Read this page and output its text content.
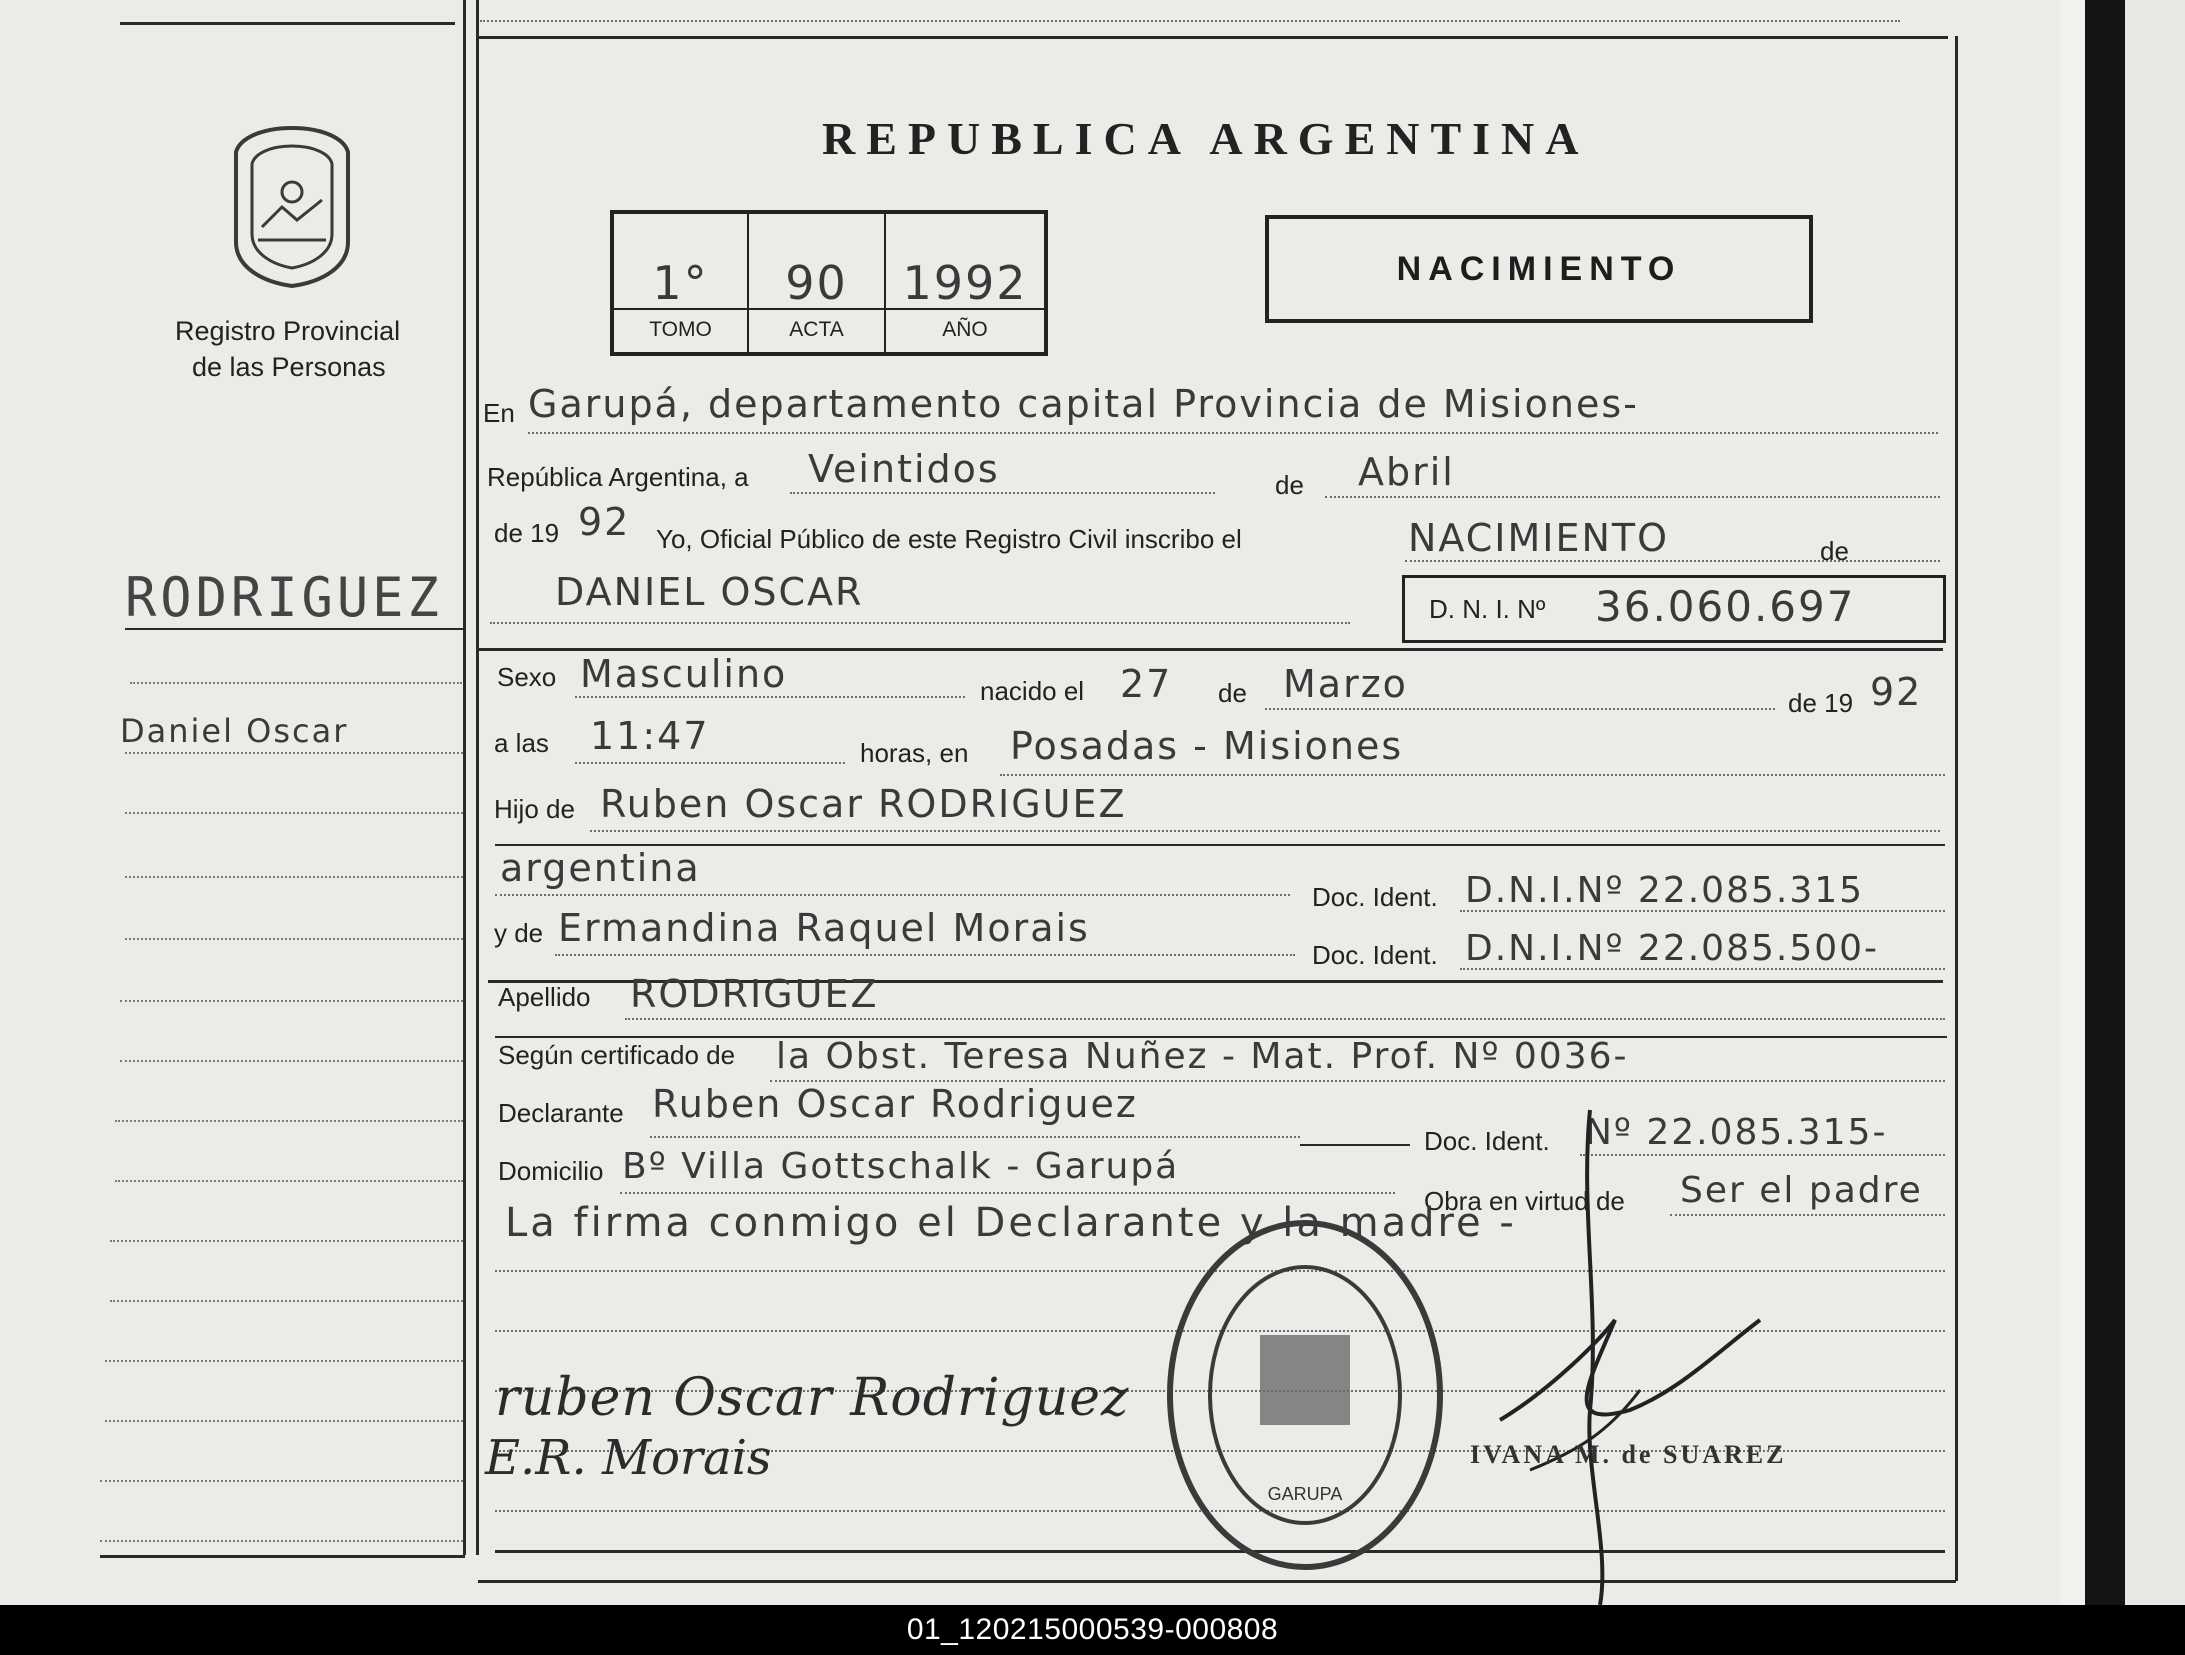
Registro Provincial
de las Personas
RODRIGUEZ
Daniel Oscar
REPUBLICA ARGENTINA
1°	90	1992
TOMO	ACTA	AÑO
NACIMIENTO
En Garupá, departamento capital Provincia de Misiones-
República Argentina, a Veintidos	de Abril
de 19 92 Yo, Oficial Público de este Registro Civil inscribo el	NACIMIENTO	de
DANIEL OSCAR	D. N. I. Nº 36.060.697
Sexo Masculino	nacido el 27 de Marzo	de 19 92
a las 11:47	horas, en Posadas - Misiones
Hijo de Ruben Oscar RODRIGUEZ
argentina
Doc. Ident. D.N.I.Nº 22.085.315
y de Ermandina Raquel Morais
Doc. Ident. D.N.I.Nº 22.085.500-
Apellido RODRIGUEZ
Según certificado de la Obst. Teresa Nuñez - Mat. Prof. Nº 0036-
Declarante Ruben Oscar Rodriguez
Doc. Ident. Nº 22.085.315-
Domicilio Bº Villa Gottschalk - Garupá
Obra en virtud de Ser el padre
La firma conmigo el Declarante y la madre -
ruben Oscar Rodriguez
E.R. Morais	IVANA M. de SUAREZ
GARUPA
01_120215000539-000808
